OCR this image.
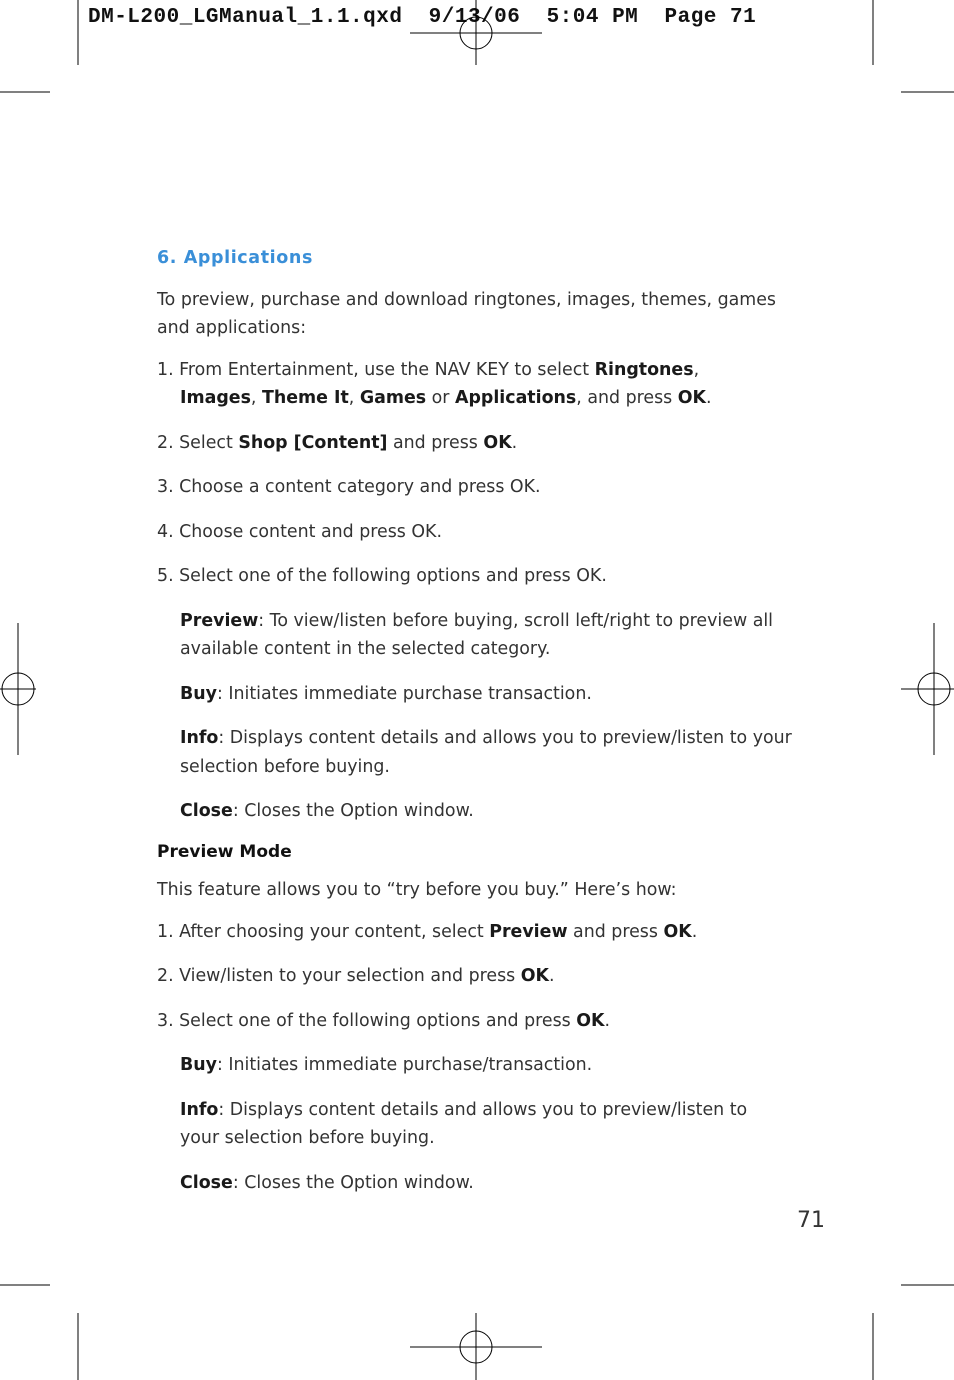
DM-L200_LGManual_1.1.qxd  9/13/06  5:04 PM  Page 71
6. Applications

To preview, purchase and download ringtones, images, themes, games and applications:

1. From Entertainment, use the NAV KEY to select Ringtones,
Images, Theme It, Games or Applications, and press OK.

2. Select Shop [Content] and press OK.

3. Choose a content category and press OK.

4. Choose content and press OK.

5. Select one of the following options and press OK.

Preview: To view/listen before buying, scroll left/right to preview all available content in the selected category.

Buy: Initiates immediate purchase transaction.

Info: Displays content details and allows you to preview/listen to your selection before buying.

Close: Closes the Option window.

Preview Mode

This feature allows you to “try before you buy.” Here’s how:

1. After choosing your content, select Preview and press OK.

2. View/listen to your selection and press OK.

3. Select one of the following options and press OK.

Buy: Initiates immediate purchase/transaction.

Info: Displays content details and allows you to preview/listen to your selection before buying.

Close: Closes the Option window.

71
